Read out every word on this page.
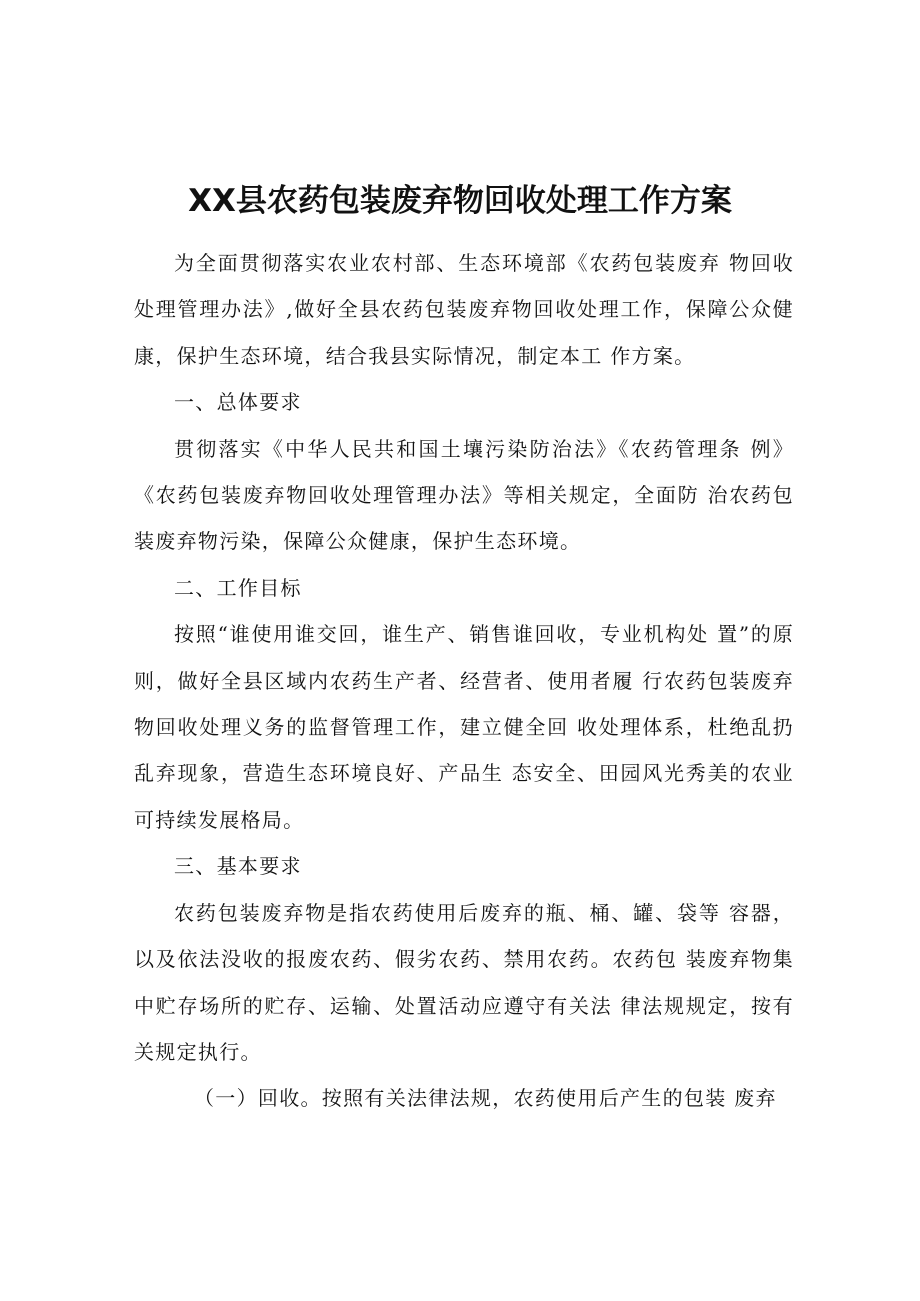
XX县农药包装废弃物回收处理工作方案

为全面贯彻落实农业农村部、生态环境部《农药包装废弃 物回收处理管理办法》,做好全县农药包装废弃物回收处理工作，保障公众健康，保护生态环境，结合我县实际情况，制定本工 作方案。

一、总体要求

贯彻落实《中华人民共和国土壤污染防治法》《农药管理条 例》《农药包装废弃物回收处理管理办法》等相关规定，全面防 治农药包装废弃物污染，保障公众健康，保护生态环境。

二、工作目标

按照“谁使用谁交回，谁生产、销售谁回收，专业机构处 置”的原则，做好全县区域内农药生产者、经营者、使用者履 行农药包装废弃物回收处理义务的监督管理工作，建立健全回 收处理体系，杜绝乱扔乱弃现象，营造生态环境良好、产品生 态安全、田园风光秀美的农业可持续发展格局。

三、基本要求

农药包装废弃物是指农药使用后废弃的瓶、桶、罐、袋等 容器，以及依法没收的报废农药、假劣农药、禁用农药。农药包 装废弃物集中贮存场所的贮存、运输、处置活动应遵守有关法 律法规规定，按有关规定执行。

（一）回收。按照有关法律法规，农药使用后产生的包装 废弃
